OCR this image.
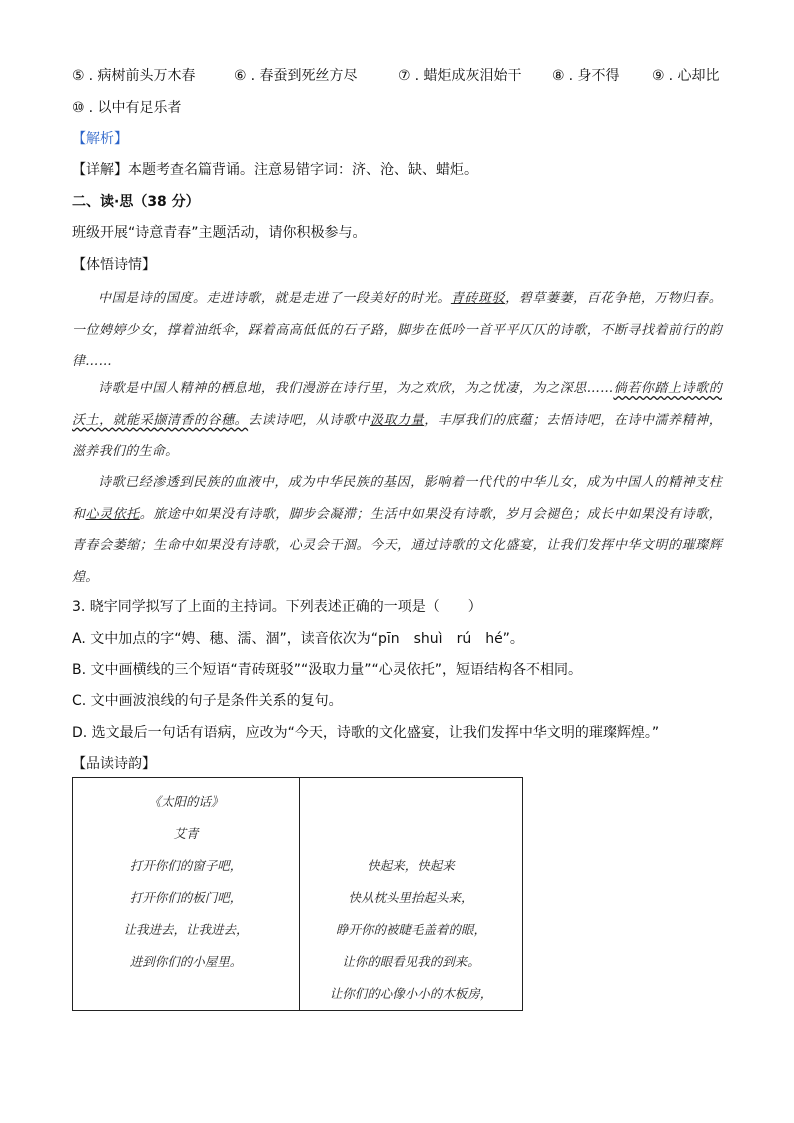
⑤ . 病树前头万木春	⑥ . 春蚕到死丝方尽	⑦ . 蜡炬成灰泪始干 ⑧ . 身不得 ⑨ . 心却比
⑩ . 以中有足乐者
【解析】
【详解】本题考查名篇背诵。注意易错字词：济、沧、缺、蜡炬。
二、读·思（38 分）
班级开展“诗意青春”主题活动，请你积极参与。
【体悟诗情】
中国是诗的国度。走进诗歌，就是走进了一段美好的时光。青砖斑驳，碧草萋萋，百花争艳，万物归春。一位娉婷少女，撑着油纸伞，踩着高高低低的石子路，脚步在低吟一首平平仄仄的诗歌，不断寻找着前行的韵律……
诗歌是中国人精神的栖息地，我们漫游在诗行里，为之欢欣，为之忧凄，为之深思……倘若你踏上诗歌的沃土，就能采撷清香的谷穗。去读诗吧，从诗歌中汲取力量，丰厚我们的底蕴；去悟诗吧，在诗中濡养精神，滋养我们的生命。
诗歌已经渗透到民族的血液中，成为中华民族的基因，影响着一代代的中华儿女，成为中国人的精神支柱和心灵依托。旅途中如果没有诗歌，脚步会凝滞；生活中如果没有诗歌，岁月会褪色；成长中如果没有诗歌，青春会萎缩；生命中如果没有诗歌，心灵会干涸。今天，通过诗歌的文化盛宴，让我们发挥中华文明的璀璨辉煌。
3. 晓宇同学拟写了上面的主持词。下列表述正确的一项是（　　）
A. 文中加点的字“娉、穗、濡、涸”，读音依次为“pīn　shuì　rú　hé”。
B. 文中画横线的三个短语“青砖斑驳”“汲取力量”“心灵依托”，短语结构各不相同。
C. 文中画波浪线的句子是条件关系的复句。
D. 选文最后一句话有语病，应改为“今天，诗歌的文化盛宴，让我们发挥中华文明的璀璨辉煌。”
【品读诗韵】
《太阳的话》
艾青
打开你们的窗子吧，
打开你们的板门吧，
让我进去，让我进去，
进到你们的小屋里。

快起来，快起来
快从枕头里抬起头来，
睁开你的被睫毛盖着的眼，
让你的眼看见我的到来。
让你们的心像小小的木板房，
